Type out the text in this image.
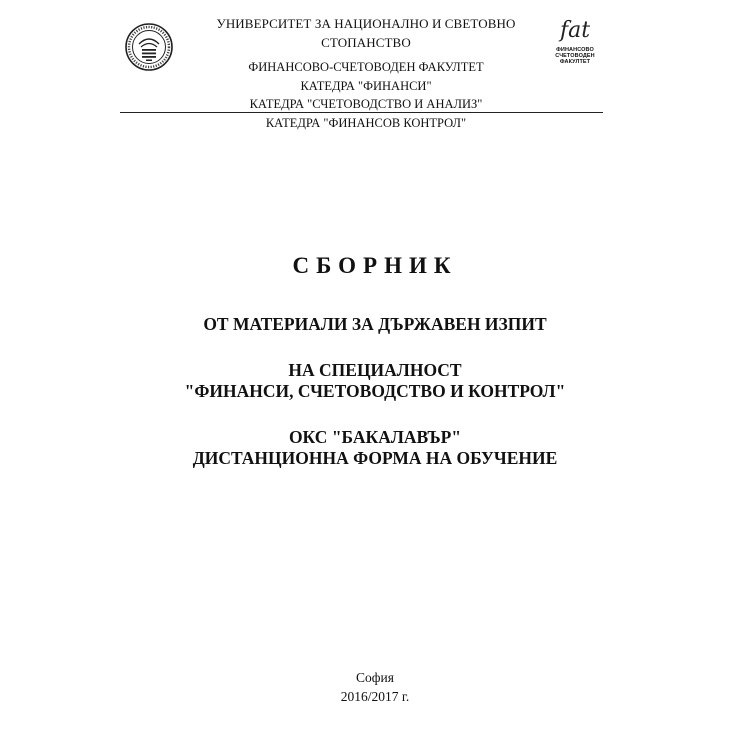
УНИВЕРСИТЕТ ЗА НАЦИОНАЛНО И СВЕТОВНО СТОПАНСТВО
ФИНАНСОВО-СЧЕТОВОДЕН ФАКУЛТЕТ
КАТЕДРА "ФИНАНСИ"
КАТЕДРА "СЧЕТОВОДСТВО И АНАЛИЗ"
КАТЕДРА "ФИНАНСОВ КОНТРОЛ"
fat
ФИНАНСОВО
СЧЕТОВОДЕН
ФАКУЛТЕТ
СБОРНИК
ОТ МАТЕРИАЛИ ЗА ДЪРЖАВЕН ИЗПИТ
НА СПЕЦИАЛНОСТ
"ФИНАНСИ, СЧЕТОВОДСТВО И КОНТРОЛ"
ОКС "БАКАЛАВЪР"
ДИСТАНЦИОННА ФОРМА НА ОБУЧЕНИЕ
София
2016/2017 г.
